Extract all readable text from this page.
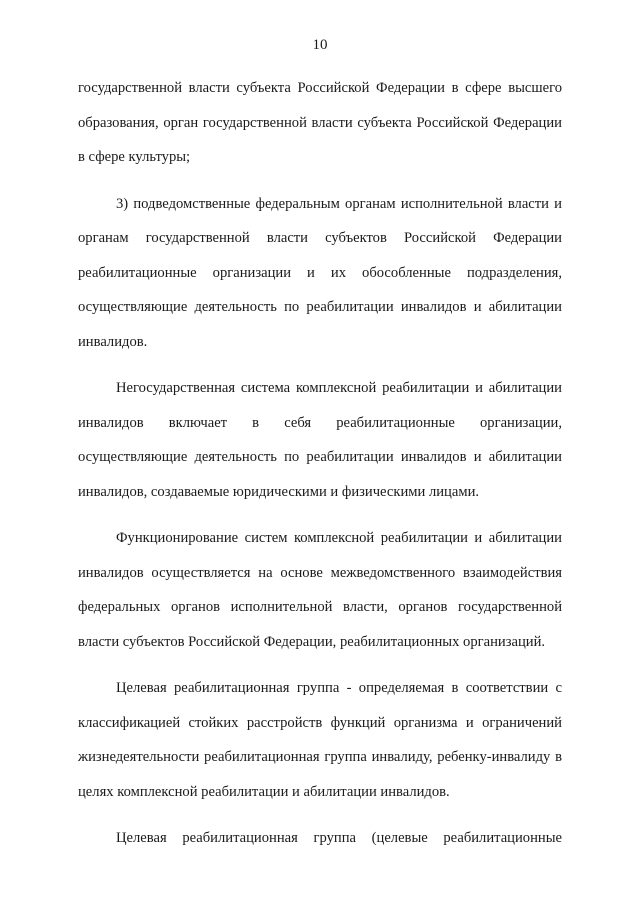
10

государственной власти субъекта Российской Федерации в сфере высшего образования, орган государственной власти субъекта Российской Федерации в сфере культуры;

3) подведомственные федеральным органам исполнительной власти и органам государственной власти субъектов Российской Федерации реабилитационные организации и их обособленные подразделения, осуществляющие деятельность по реабилитации инвалидов и абилитации инвалидов.

Негосударственная система комплексной реабилитации и абилитации инвалидов включает в себя реабилитационные организации, осуществляющие деятельность по реабилитации инвалидов и абилитации инвалидов, создаваемые юридическими и физическими лицами.

Функционирование систем комплексной реабилитации и абилитации инвалидов осуществляется на основе межведомственного взаимодействия федеральных органов исполнительной власти, органов государственной власти субъектов Российской Федерации, реабилитационных организаций.

Целевая реабилитационная группа - определяемая в соответствии с классификацией стойких расстройств функций организма и ограничений жизнедеятельности реабилитационная группа инвалиду, ребенку-инвалиду в целях комплексной реабилитации и абилитации инвалидов.

Целевая реабилитационная группа (целевые реабилитационные
